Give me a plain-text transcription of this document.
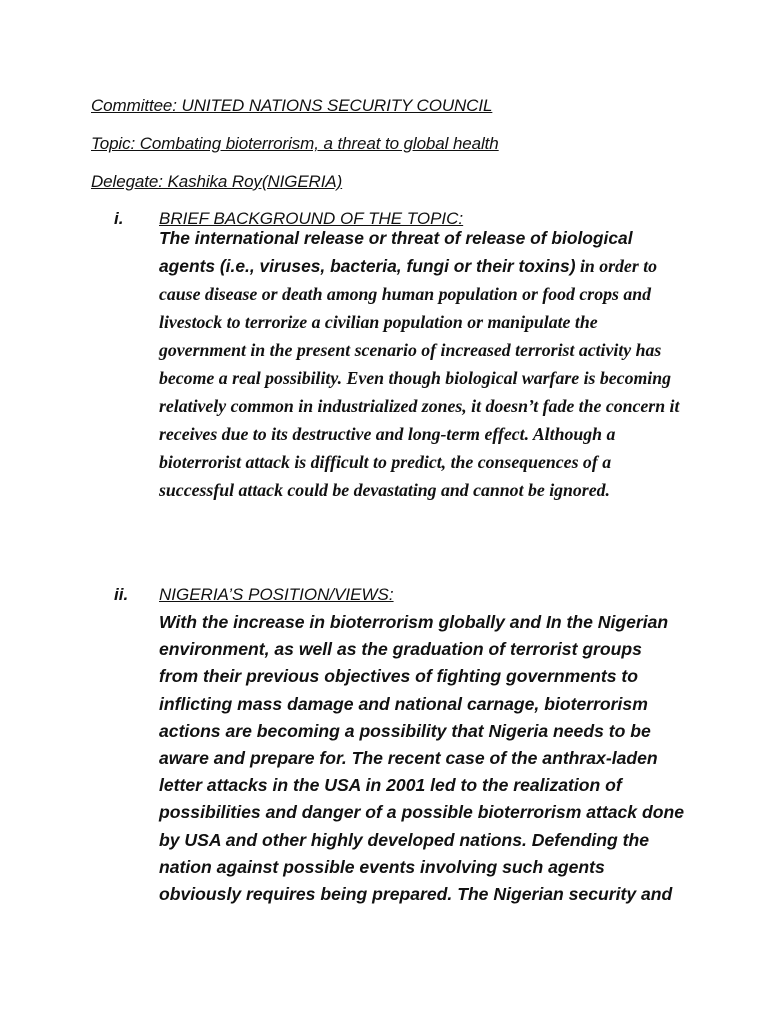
Committee: UNITED NATIONS SECURITY COUNCIL
Topic: Combating bioterrorism, a threat to global health
Delegate: Kashika Roy(NIGERIA)
i. BRIEF BACKGROUND OF THE TOPIC:
The international release or threat of release of biological agents (i.e., viruses, bacteria, fungi or their toxins) in order to cause disease or death among human population or food crops and livestock to terrorize a civilian population or manipulate the government in the present scenario of increased terrorist activity has become a real possibility. Even though biological warfare is becoming relatively common in industrialized zones, it doesn’t fade the concern it receives due to its destructive and long-term effect. Although a bioterrorist attack is difficult to predict, the consequences of a successful attack could be devastating and cannot be ignored.
ii. NIGERIA’S POSITION/VIEWS:
With the increase in bioterrorism globally and In the Nigerian environment, as well as the graduation of terrorist groups from their previous objectives of fighting governments to inflicting mass damage and national carnage, bioterrorism actions are becoming a possibility that Nigeria needs to be aware and prepare for. The recent case of the anthrax-laden letter attacks in the USA in 2001 led to the realization of possibilities and danger of a possible bioterrorism attack done by USA and other highly developed nations. Defending the nation against possible events involving such agents obviously requires being prepared. The Nigerian security and
